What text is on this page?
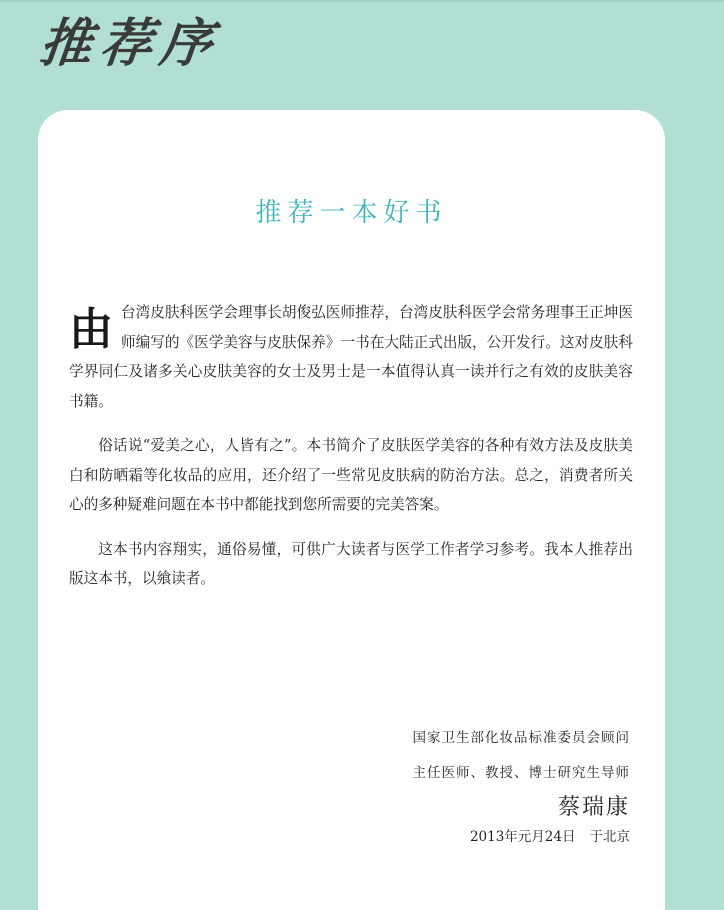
推荐序
推荐一本好书

由台湾皮肤科医学会理事长胡俊弘医师推荐，台湾皮肤科医学会常务理事王正坤医师编写的《医学美容与皮肤保养》一书在大陆正式出版，公开发行。这对皮肤科学界同仁及诸多关心皮肤美容的女士及男士是一本值得认真一读并行之有效的皮肤美容书籍。

俗话说“爱美之心，人皆有之”。本书简介了皮肤医学美容的各种有效方法及皮肤美白和防晒霜等化妆品的应用，还介绍了一些常见皮肤病的防治方法。总之，消费者所关心的多种疑难问题在本书中都能找到您所需要的完美答案。

这本书内容翔实，通俗易懂，可供广大读者与医学工作者学习参考。我本人推荐出版这本书，以飨读者。

国家卫生部化妆品标准委员会顾问
主任医师、教授、博士研究生导师
蔡瑞康
2013年元月24日 于北京
